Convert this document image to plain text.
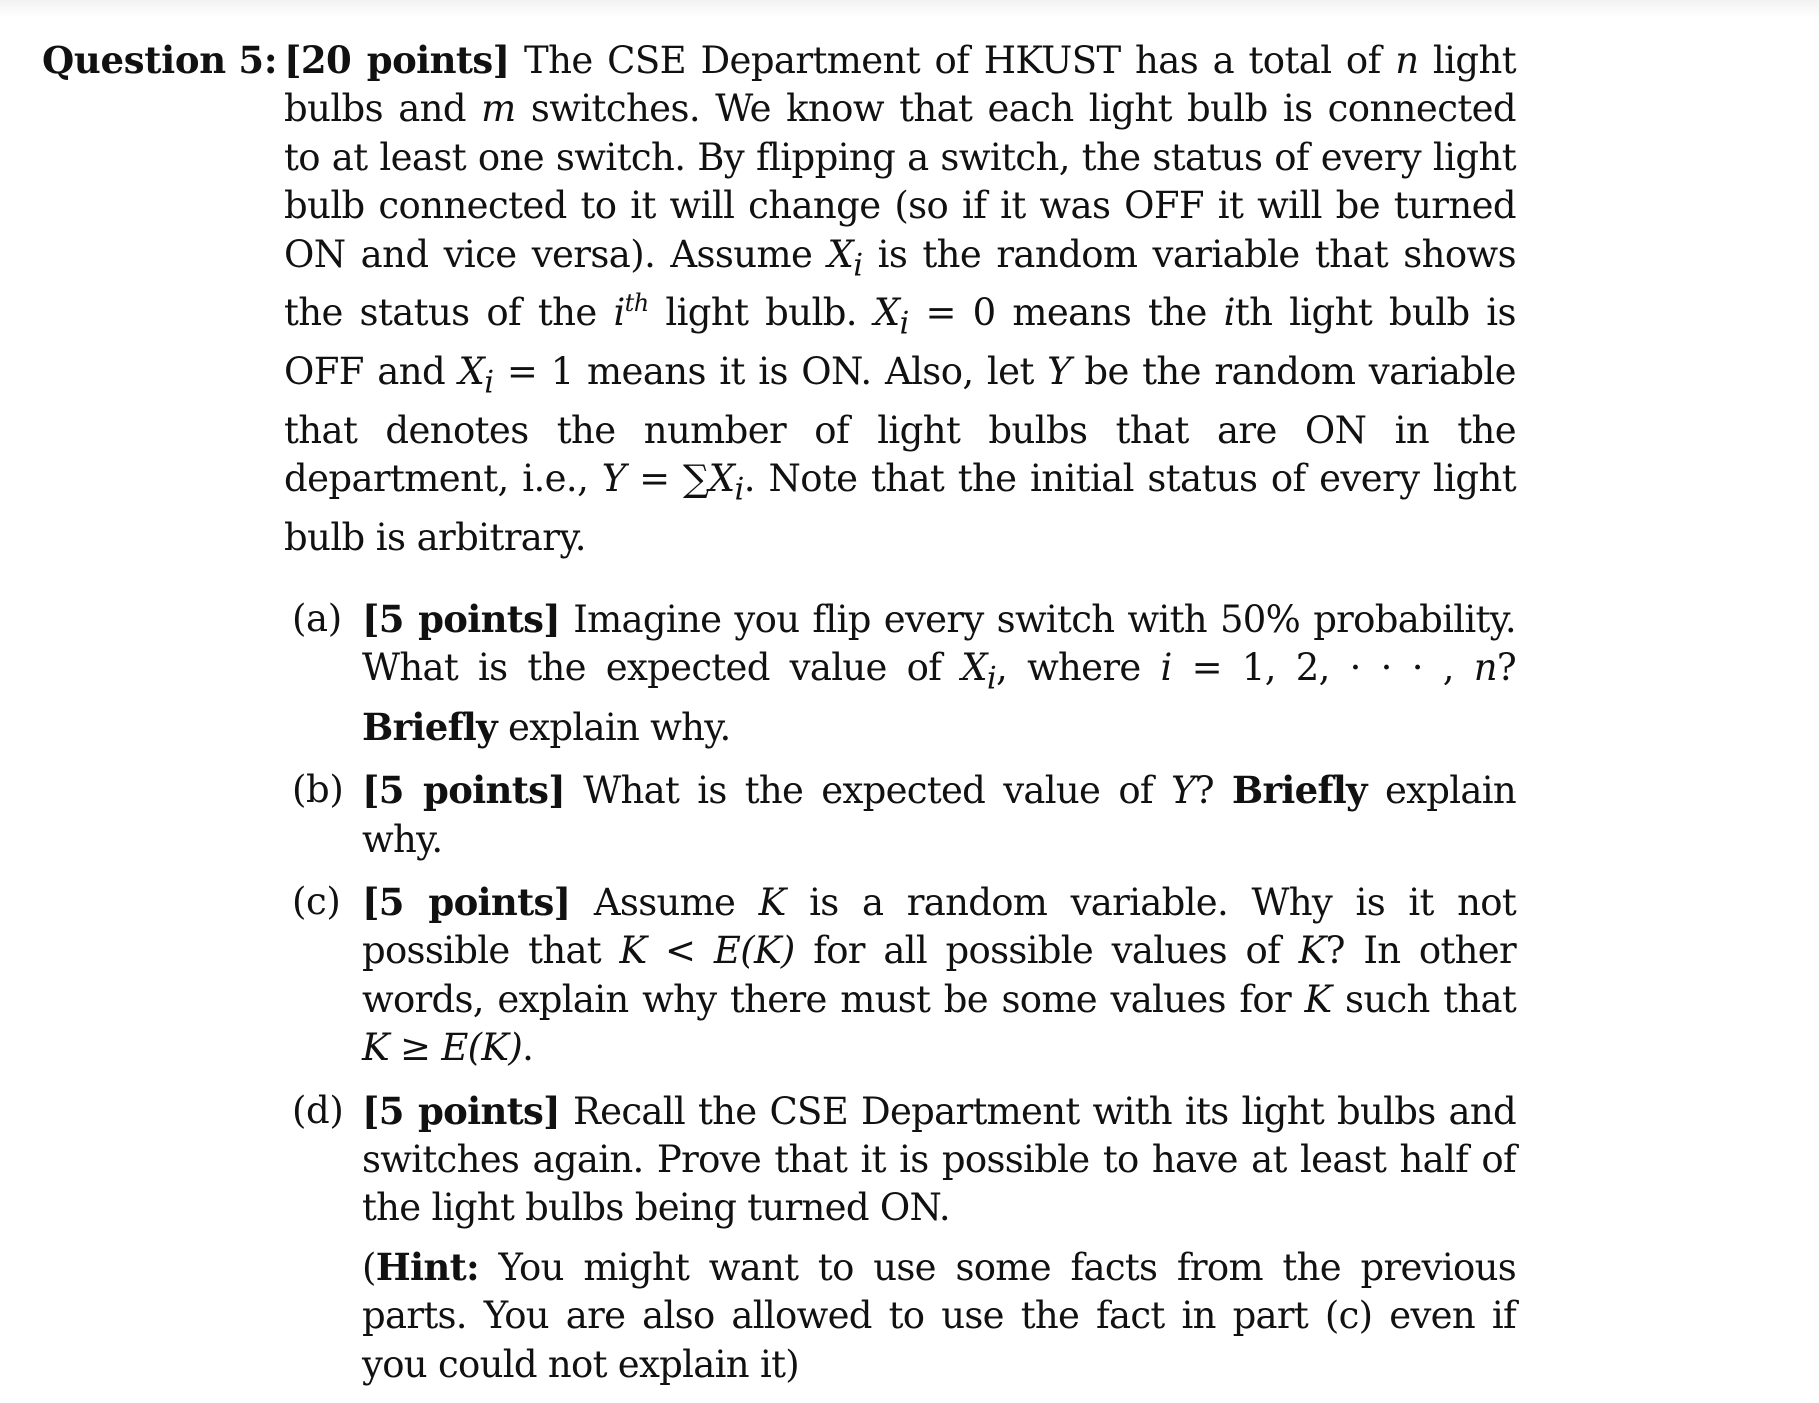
Question 5: [20 points] The CSE Department of HKUST has a total of n light bulbs and m switches. We know that each light bulb is connected to at least one switch. By flipping a switch, the status of every light bulb connected to it will change (so if it was OFF it will be turned ON and vice versa). Assume $X_i$ is the random variable that shows the status of the $i^{th}$ light bulb. $X_i = 0$ means the ith light bulb is OFF and $X_i = 1$ means it is ON. Also, let Y be the random variable that denotes the number of light bulbs that are ON in the department, i.e., $Y = \sum X_i$. Note that the initial status of every light bulb is arbitrary.

(a) [5 points] Imagine you flip every switch with 50% probability. What is the expected value of $X_i$, where i = 1, 2, · · · , n? Briefly explain why.

(b) [5 points] What is the expected value of Y? Briefly explain why.

(c) [5 points] Assume K is a random variable. Why is it not possible that K < E(K) for all possible values of K? In other words, explain why there must be some values for K such that K ≥ E(K).

(d) [5 points] Recall the CSE Department with its light bulbs and switches again. Prove that it is possible to have at least half of the light bulbs being turned ON.

(Hint: You might want to use some facts from the previous parts. You are also allowed to use the fact in part (c) even if you could not explain it)
